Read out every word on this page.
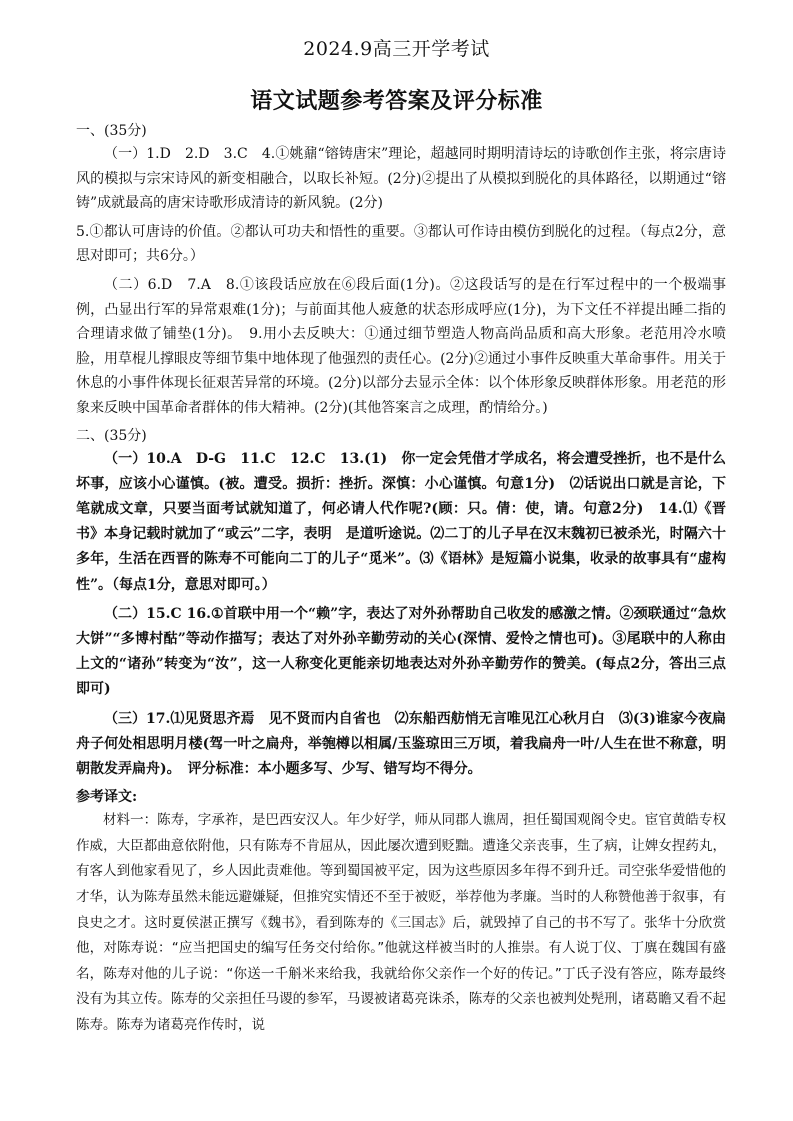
2024.9高三开学考试
语文试题参考答案及评分标准

一、(35分)

（一）1.D　2.D　3.C　4.①姚鼐“镕铸唐宋”理论，超越同时期明清诗坛的诗歌创作主张，将宗唐诗风的模拟与宗宋诗风的新变相融合，以取长补短。(2分)②提出了从模拟到脱化的具体路径，以期通过“镕铸”成就最高的唐宋诗歌形成清诗的新风貌。(2分)

5.①都认可唐诗的价值。②都认可功夫和悟性的重要。③都认可作诗由模仿到脱化的过程。（每点2分，意思对即可；共6分。）

（二）6.D　7.A　8.①该段话应放在⑥段后面(1分)。②这段话写的是在行军过程中的一个极端事例，凸显出行军的异常艰难(1分)；与前面其他人疲惫的状态形成呼应(1分)，为下文任不祥提出睡二指的合理请求做了铺垫(1分)。　9.用小去反映大：①通过细节塑造人物高尚品质和高大形象。老范用冷水喷脸，用草棍儿撑眼皮等细节集中地体现了他强烈的责任心。(2分)②通过小事件反映重大革命事件。用关于休息的小事件体现长征艰苦异常的环境。(2分)以部分去显示全体：以个体形象反映群体形象。用老范的形象来反映中国革命者群体的伟大精神。(2分)(其他答案言之成理，酌情给分。)

二、(35分)

（一）10.A　D-G　11.C　12.C　13.(1)　你一定会凭借才学成名，将会遭受挫折，也不是什么坏事，应该小心谨慎。(被。遭受。损折：挫折。深慎：小心谨慎。句意1分)　⑵话说出口就是言论，下笔就成文章，只要当面考试就知道了，何必请人代作呢?(顾：只。倩：使，请。句意2分)　14.⑴《晋书》本身记载时就加了“或云”二字，表明　是道听途说。⑵二丁的儿子早在汉末魏初已被杀光，时隔六十多年，生活在西晋的陈寿不可能向二丁的儿子“觅米”。⑶《语林》是短篇小说集，收录的故事具有“虚构性”。（每点1分，意思对即可。）

（二）15.C 16.①首联中用一个“赖”字，表达了对外孙帮助自己收发的感激之情。②颈联通过“急炊大饼”“多博村酤”等动作描写；表达了对外孙辛勤劳动的关心(深情、爱怜之情也可)。③尾联中的人称由上文的“诸孙”转变为“汝”，这一人称变化更能亲切地表达对外孙辛勤劳作的赞美。(每点2分，答出三点即可)

（三）17.⑴见贤思齐焉　见不贤而内自省也　⑵东船西舫悄无言唯见江心秋月白　⑶(3)谁家今夜扁舟子何处相思明月楼(驾一叶之扁舟，举匏樽以相属/玉鉴琼田三万顷，着我扁舟一叶/人生在世不称意，明朝散发弄扁舟)。　评分标准：本小题多写、少写、错写均不得分。

参考译文:

材料一：陈寿，字承祚，是巴西安汉人。年少好学，师从同郡人谯周，担任蜀国观阁令史。宦官黄皓专权作威，大臣都曲意依附他，只有陈寿不肯屈从，因此屡次遭到贬黜。遭逢父亲丧事，生了病，让婢女捏药丸，有客人到他家看见了，乡人因此责难他。等到蜀国被平定，因为这些原因多年得不到升迁。司空张华爱惜他的才华，认为陈寿虽然未能远避嫌疑，但推究实情还不至于被贬，举荐他为孝廉。当时的人称赞他善于叙事，有良史之才。这时夏侯湛正撰写《魏书》，看到陈寿的《三国志》后，就毁掉了自己的书不写了。张华十分欣赏他，对陈寿说：“应当把国史的编写任务交付给你。”他就这样被当时的人推崇。有人说丁仪、丁廙在魏国有盛名，陈寿对他的儿子说：“你送一千斛米来给我，我就给你父亲作一个好的传记。”丁氏子没有答应，陈寿最终没有为其立传。陈寿的父亲担任马谡的参军，马谡被诸葛亮诛杀，陈寿的父亲也被判处髡刑，诸葛瞻又看不起陈寿。陈寿为诸葛亮作传时，说
